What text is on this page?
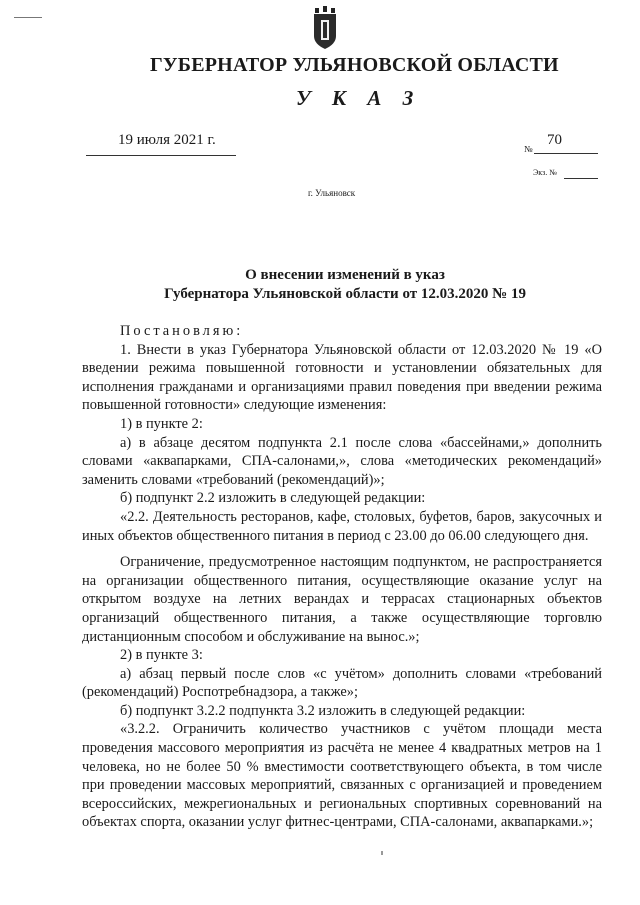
ГУБЕРНАТОР УЛЬЯНОВСКОЙ ОБЛАСТИ
У К А З
19 июля 2021 г.
№
70
Экз. №
г. Ульяновск
О внесении изменений в указ
Губернатора Ульяновской области от 12.03.2020 № 19

Постановляю:

1. Внести в указ Губернатора Ульяновской области от 12.03.2020 № 19 «О введении режима повышенной готовности и установлении обязательных для исполнения гражданами и организациями правил поведения при введении режима повышенной готовности» следующие изменения:

1) в пункте 2:

а) в абзаце десятом подпункта 2.1 после слова «бассейнами,» дополнить словами «аквапарками, СПА-салонами,», слова «методических рекомендаций» заменить словами «требований (рекомендаций)»;

б) подпункт 2.2 изложить в следующей редакции:

«2.2. Деятельность ресторанов, кафе, столовых, буфетов, баров, закусочных и иных объектов общественного питания в период с 23.00 до 06.00 следующего дня.

Ограничение, предусмотренное настоящим подпунктом, не распространяется на организации общественного питания, осуществляющие оказание услуг на открытом воздухе на летних верандах и террасах стационарных объектов организаций общественного питания, а также осуществляющие торговлю дистанционным способом и обслуживание на вынос.»;

2) в пункте 3:

а) абзац первый после слов «с учётом» дополнить словами «требований (рекомендаций) Роспотребнадзора, а также»;

б) подпункт 3.2.2 подпункта 3.2 изложить в следующей редакции:

«3.2.2. Ограничить количество участников с учётом площади места проведения массового мероприятия из расчёта не менее 4 квадратных метров на 1 человека, но не более 50 % вместимости соответствующего объекта, в том числе при проведении массовых мероприятий, связанных с организацией и проведением всероссийских, межрегиональных и региональных спортивных соревнований на объектах спорта, оказании услуг фитнес-центрами, СПА-салонами, аквапарками.»;
